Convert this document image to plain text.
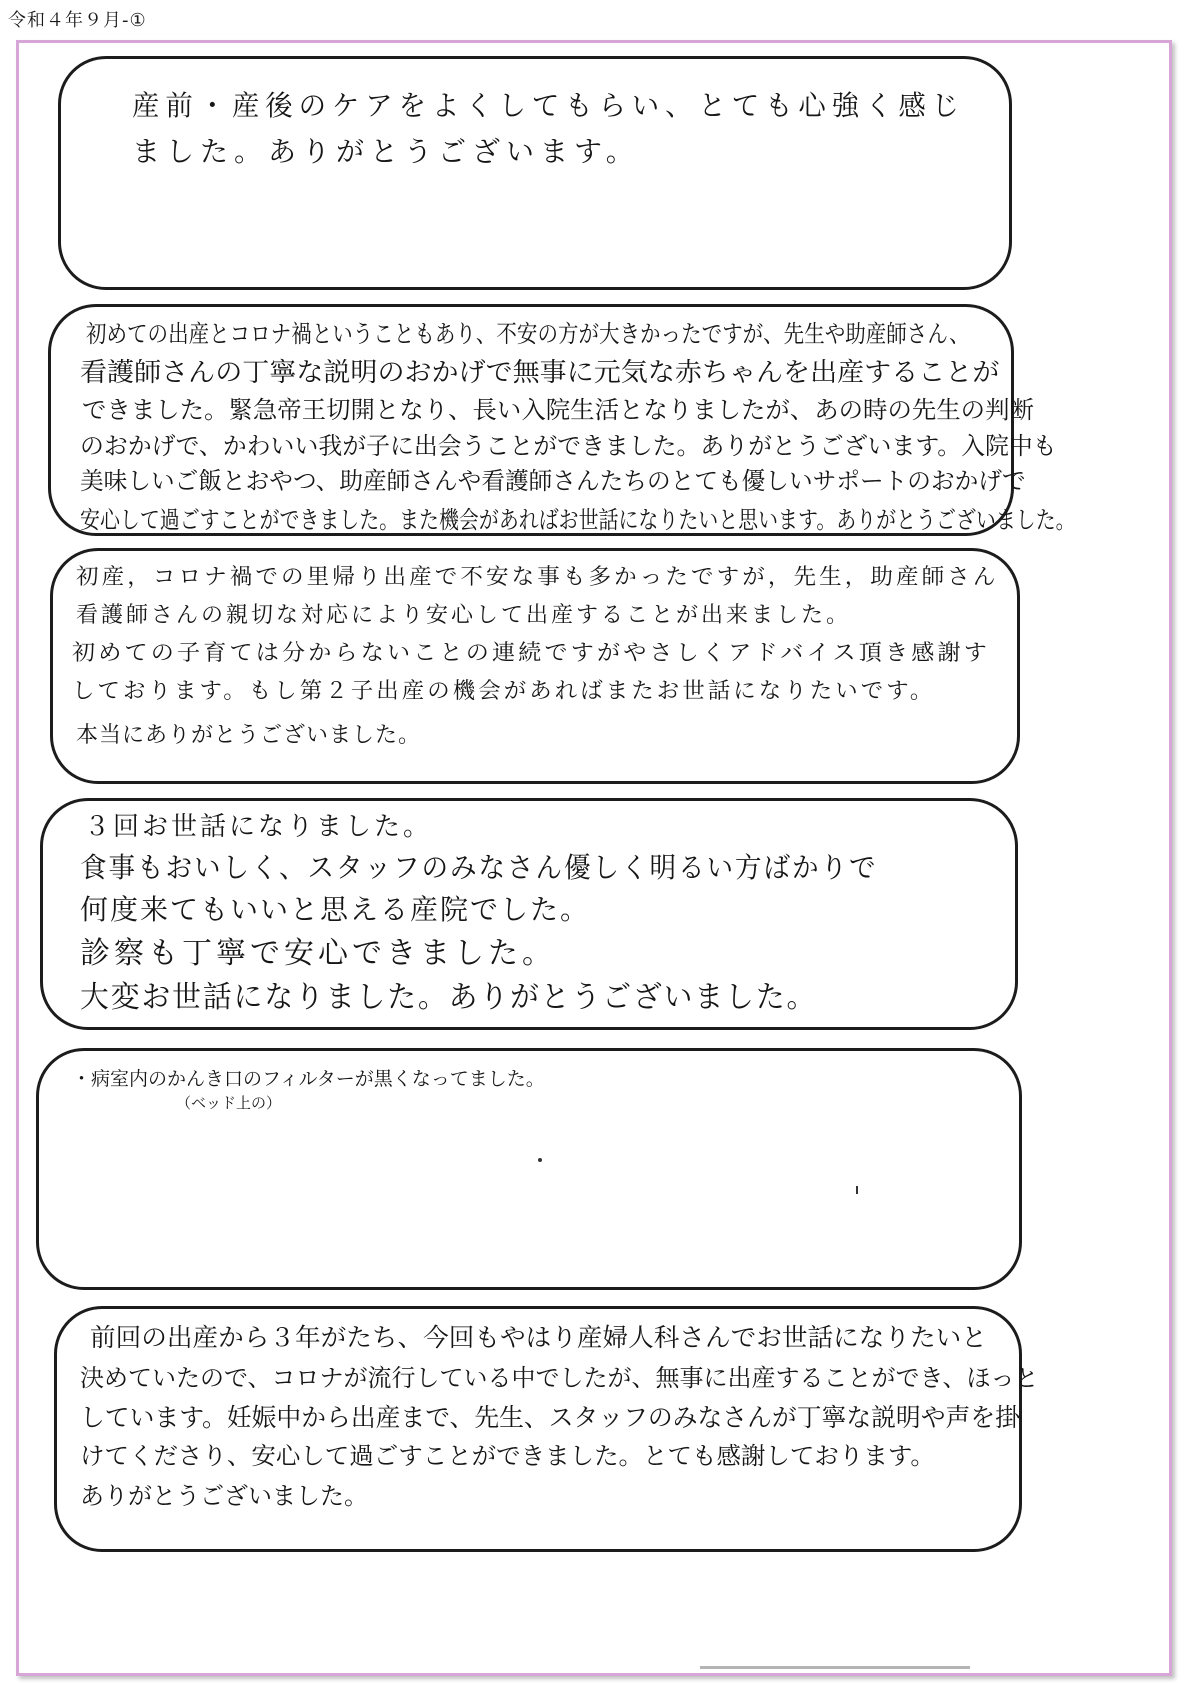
令和４年９月-①
産前・産後のケアをよくしてもらい、とても心強く感じ
ました。ありがとうございます。
初めての出産とコロナ禍ということもあり、不安の方が大きかったですが、先生や助産師さん、
看護師さんの丁寧な説明のおかげで無事に元気な赤ちゃんを出産することが
できました。緊急帝王切開となり、長い入院生活となりましたが、あの時の先生の判断
のおかげで、かわいい我が子に出会うことができました。ありがとうございます。入院中も
美味しいご飯とおやつ、助産師さんや看護師さんたちのとても優しいサポートのおかげで
安心して過ごすことができました。また機会があればお世話になりたいと思います。ありがとうございました。
初産，コロナ禍での里帰り出産で不安な事も多かったですが，先生，助産師さん
看護師さんの親切な対応により安心して出産することが出来ました。
初めての子育ては分からないことの連続ですがやさしくアドバイス頂き感謝す
しております。もし第２子出産の機会があればまたお世話になりたいです。
本当にありがとうございました。
３回お世話になりました。
食事もおいしく、スタッフのみなさん優しく明るい方ばかりで
何度来てもいいと思える産院でした。
診察も丁寧で安心できました。
大変お世話になりました。ありがとうございました。
・病室内のかんき口のフィルターが黒くなってました。
（ベッド上の）
前回の出産から３年がたち、今回もやはり産婦人科さんでお世話になりたいと
決めていたので、コロナが流行している中でしたが、無事に出産することができ、ほっと
しています。妊娠中から出産まで、先生、スタッフのみなさんが丁寧な説明や声を掛
けてくださり、安心して過ごすことができました。とても感謝しております。
ありがとうございました。
